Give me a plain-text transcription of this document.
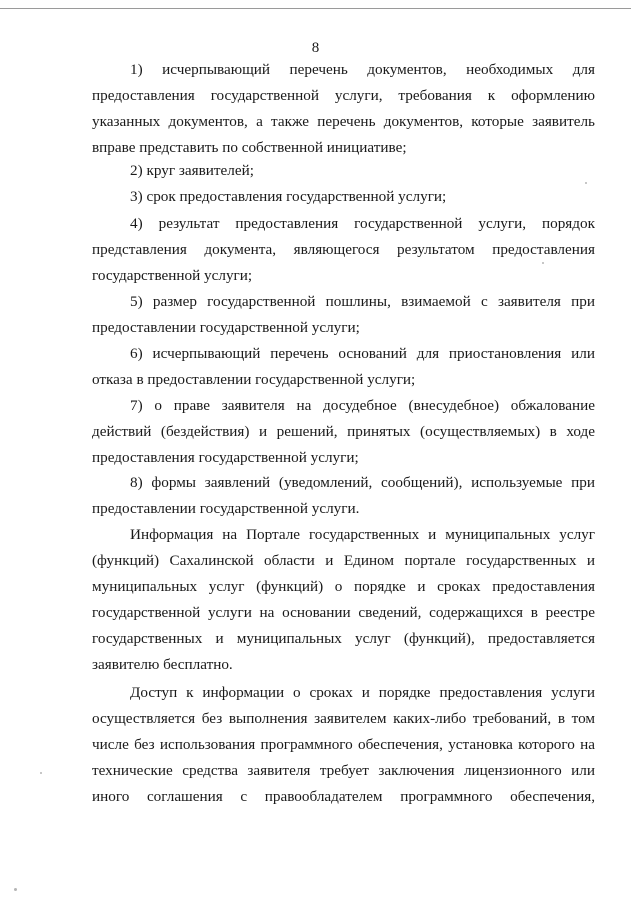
8
1) исчерпывающий перечень документов, необходимых для
предоставления государственной услуги, требования к оформлению
указанных документов, а также перечень документов, которые заявитель
вправе представить по собственной инициативе;
2) круг заявителей;
3) срок предоставления государственной услуги;
4) результат предоставления государственной услуги, порядок
представления документа, являющегося результатом предоставления
государственной услуги;
5) размер государственной пошлины, взимаемой с заявителя при
предоставлении государственной услуги;
6) исчерпывающий перечень оснований для приостановления или
отказа в предоставлении государственной услуги;
7) о праве заявителя на досудебное (внесудебное) обжалование
действий (бездействия) и решений, принятых (осуществляемых) в ходе
предоставления государственной услуги;
8) формы заявлений (уведомлений, сообщений), используемые при
предоставлении государственной услуги.
Информация на Портале государственных и муниципальных услуг
(функций) Сахалинской области и Едином портале государственных и
муниципальных услуг (функций) о порядке и сроках предоставления
государственной услуги на основании сведений, содержащихся в реестре
государственных и муниципальных услуг (функций), предоставляется
заявителю бесплатно.
Доступ к информации о сроках и порядке предоставления услуги
осуществляется без выполнения заявителем каких-либо требований, в том
числе без использования программного обеспечения, установка которого на
технические средства заявителя требует заключения лицензионного или
иного соглашения с правообладателем программного обеспечения,
